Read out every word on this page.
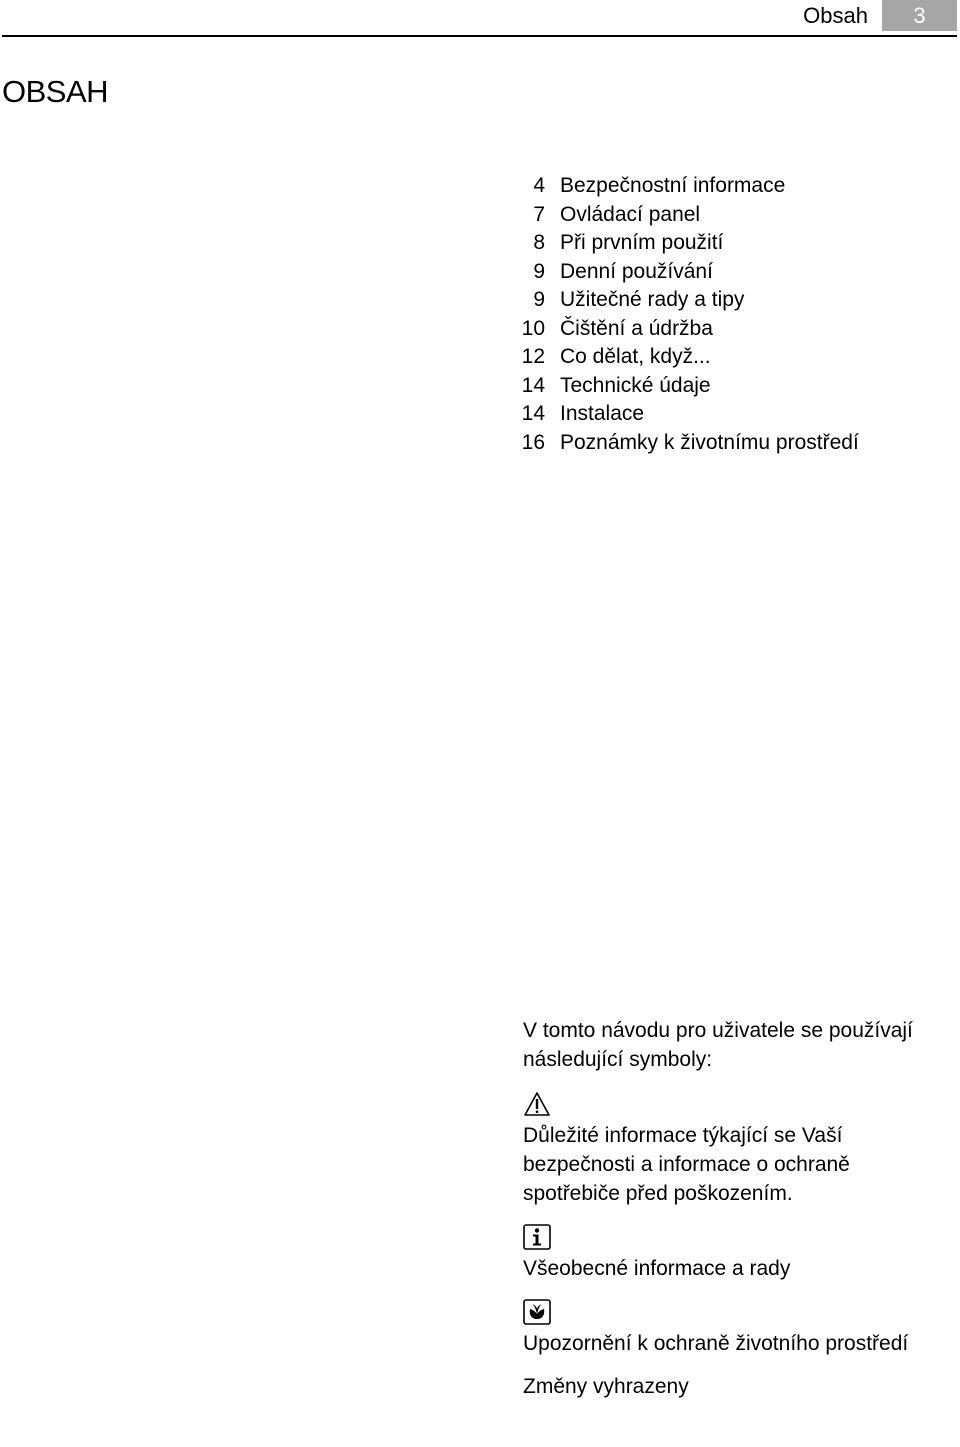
Obsah	3
OBSAH
4 Bezpečnostní informace
7 Ovládací panel
8 Při prvním použití
9 Denní používání
9 Užitečné rady a tipy
10 Čištění a údržba
12 Co dělat, když...
14 Technické údaje
14 Instalace
16 Poznámky k životnímu prostředí

V tomto návodu pro uživatele se používají následující symboly:

Důležité informace týkající se Vaší bezpečnosti a informace o ochraně spotřebiče před poškozením.

Všeobecné informace a rady

Upozornění k ochraně životního prostředí

Změny vyhrazeny
